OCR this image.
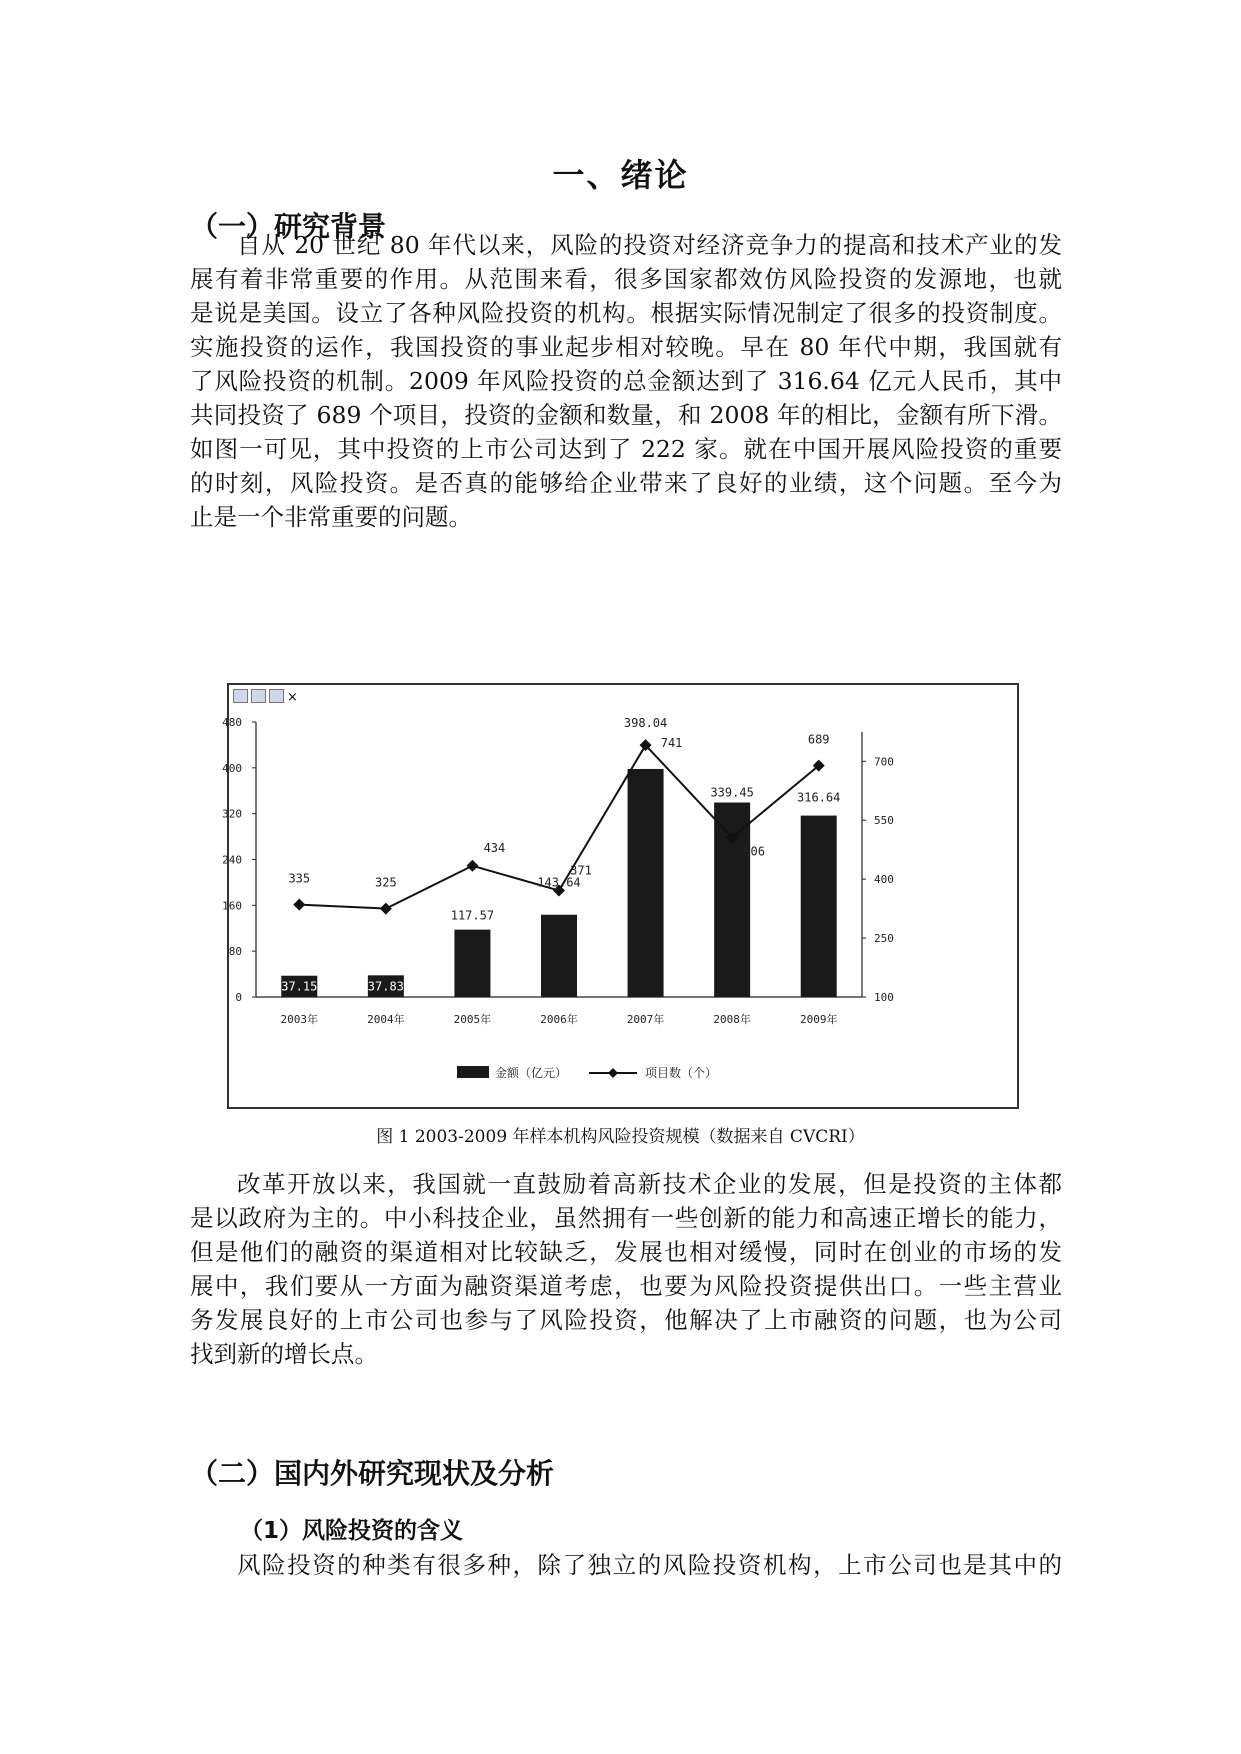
一、绪论
（一）研究背景
自从 20 世纪 80 年代以来，风险的投资对经济竞争力的提高和技术产业的发
展有着非常重要的作用。从范围来看，很多国家都效仿风险投资的发源地，也就
是说是美国。设立了各种风险投资的机构。根据实际情况制定了很多的投资制度。
实施投资的运作，我国投资的事业起步相对较晚。早在 80 年代中期，我国就有
了风险投资的机制。2009 年风险投资的总金额达到了 316.64 亿元人民币，其中
共同投资了 689 个项目，投资的金额和数量，和 2008 年的相比，金额有所下滑。
如图一可见，其中投资的上市公司达到了 222 家。就在中国开展风险投资的重要
的时刻，风险投资。是否真的能够给企业带来了良好的业绩，这个问题。至今为
止是一个非常重要的问题。
×
0
80
160
240
320
400
480
100
250
400
550
700
2003年	2004年	2005年	2006年	2007年	2008年	2009年
37.15	37.83
117.57
143.64
398.04
339.45	316.64
335	325
434
371
741
506
689
金额（亿元）	项目数（个）
图 1 2003-2009 年样本机构风险投资规模（数据来自 CVCRI）
改革开放以来，我国就一直鼓励着高新技术企业的发展，但是投资的主体都
是以政府为主的。中小科技企业，虽然拥有一些创新的能力和高速正增长的能力，
但是他们的融资的渠道相对比较缺乏，发展也相对缓慢，同时在创业的市场的发
展中，我们要从一方面为融资渠道考虑，也要为风险投资提供出口。一些主营业
务发展良好的上市公司也参与了风险投资，他解决了上市融资的问题，也为公司
找到新的增长点。
（二）国内外研究现状及分析
（1）风险投资的含义
风险投资的种类有很多种，除了独立的风险投资机构，上市公司也是其中的
